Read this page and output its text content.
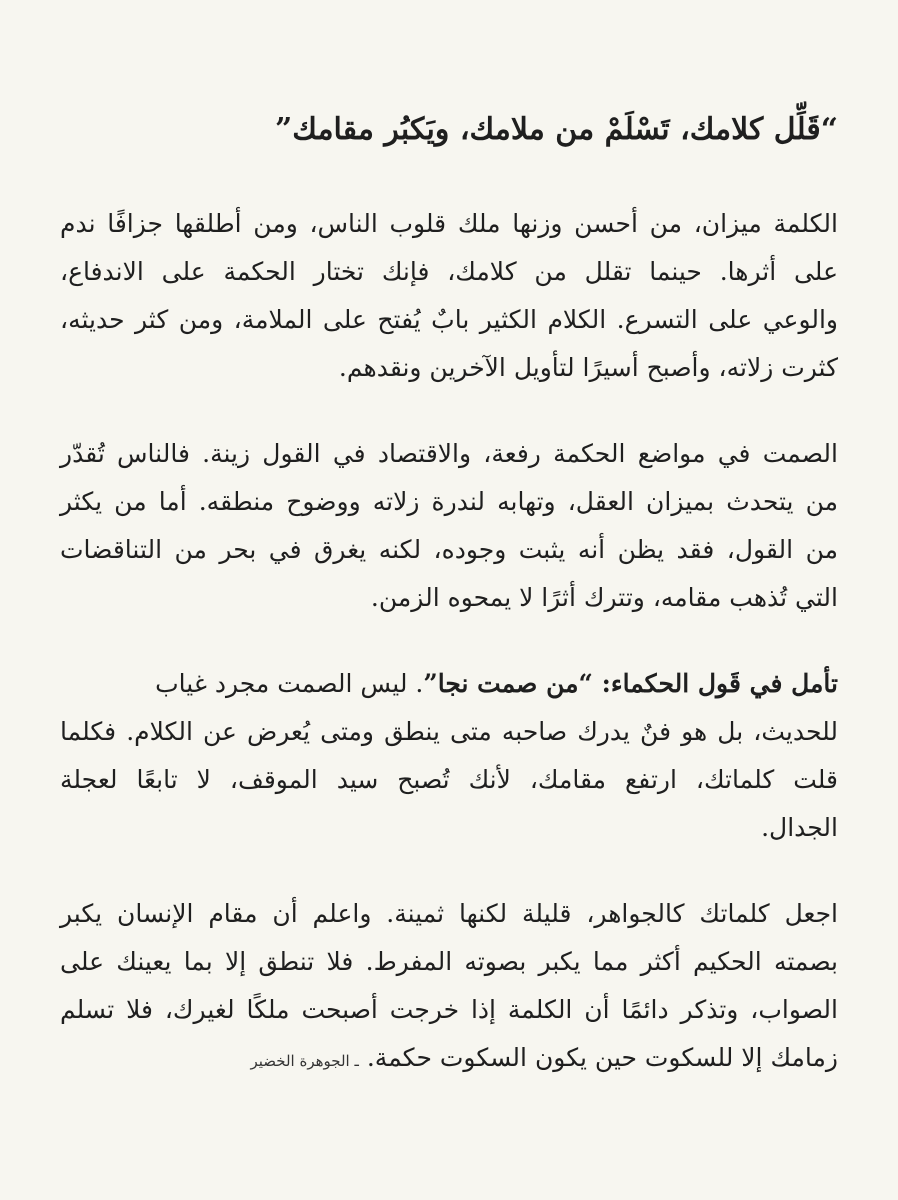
“قَلِّل كلامك، تَسْلَمْ من ملامك، ويَكبُر مقامك”
الكلمة ميزان، من أحسن وزنها ملك قلوب الناس، ومن أطلقها جزافًا ندم
على أثرها. حينما تقلل من كلامك، فإنك تختار الحكمة على الاندفاع،
والوعي على التسرع. الكلام الكثير بابٌ يُفتح على الملامة، ومن كثر حديثه،
كثرت زلاته، وأصبح أسيرًا لتأويل الآخرين ونقدهم.
الصمت في مواضع الحكمة رفعة، والاقتصاد في القول زينة. فالناس تُقدّر
من يتحدث بميزان العقل، وتهابه لندرة زلاته ووضوح منطقه. أما من يكثر
من القول، فقد يظن أنه يثبت وجوده، لكنه يغرق في بحر من التناقضات
التي تُذهب مقامه، وتترك أثرًا لا يمحوه الزمن.
تأمل في قَول الحكماء: “من صمت نجا”. ليس الصمت مجرد غياب
للحديث، بل هو فنٌ يدرك صاحبه متى ينطق ومتى يُعرض عن الكلام. فكلما
قلت كلماتك، ارتفع مقامك، لأنك تُصبح سيد الموقف، لا تابعًا لعجلة
الجدال.
اجعل كلماتك كالجواهر، قليلة لكنها ثمينة. واعلم أن مقام الإنسان يكبر
بصمته الحكيم أكثر مما يكبر بصوته المفرط. فلا تنطق إلا بما يعينك على
الصواب، وتذكر دائمًا أن الكلمة إذا خرجت أصبحت ملكًا لغيرك، فلا تسلم
زمامك إلا للسكوت حين يكون السكوت حكمة.ـ الجوهرة الخضير
